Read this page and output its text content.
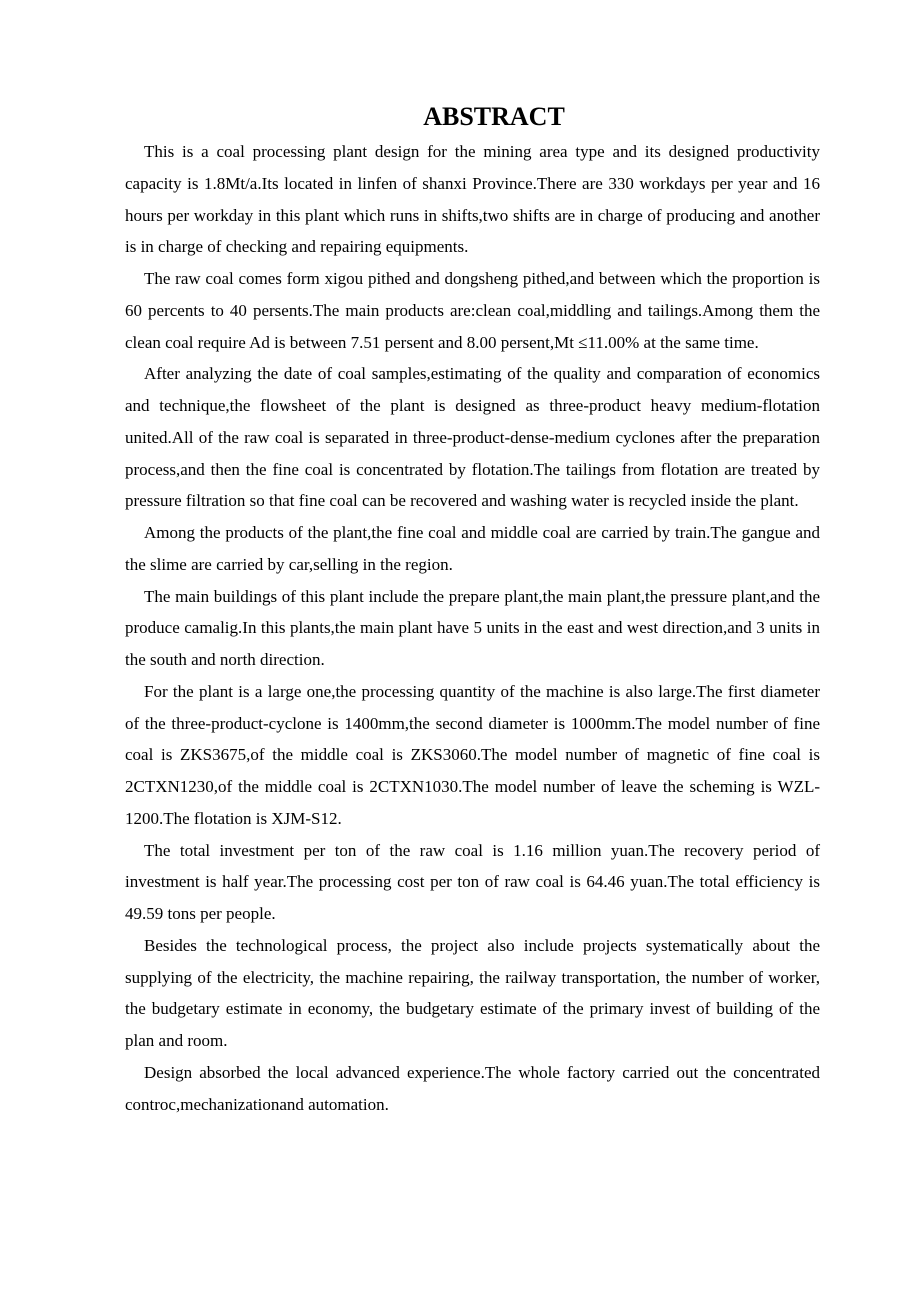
ABSTRACT

This is a coal processing plant design for the mining area type and its designed productivity capacity is 1.8Mt/a.Its located in linfen of shanxi Province.There are 330 workdays per year and 16 hours per workday in this plant which runs in shifts,two shifts are in charge of producing and another is in charge of checking and repairing equipments.

The raw coal comes form xigou pithed and dongsheng pithed,and between which the proportion is 60 percents to 40 persents.The main products are:clean coal,middling and tailings.Among them the clean coal require Ad is between 7.51 persent and 8.00 persent,Mt ≤11.00% at the same time.

After analyzing the date of coal samples,estimating of the quality and comparation of economics and technique,the flowsheet of the plant is designed as three-product heavy medium-flotation united.All of the raw coal is separated in three-product-dense-medium cyclones after the preparation process,and then the fine coal is concentrated by flotation.The tailings from flotation are treated by pressure filtration so that fine coal can be recovered and washing water is recycled inside the plant.

Among the products of the plant,the fine coal and middle coal are carried by train.The gangue and the slime are carried by car,selling in the region.

The main buildings of this plant include the prepare plant,the main plant,the pressure plant,and the produce camalig.In this plants,the main plant have 5 units in the east and west direction,and 3 units in the south and north direction.

For the plant is a large one,the processing quantity of the machine is also large.The first diameter of the three-product-cyclone is 1400mm,the second diameter is 1000mm.The model number of fine coal is ZKS3675,of the middle coal is ZKS3060.The model number of magnetic of fine coal is 2CTXN1230,of the middle coal is 2CTXN1030.The model number of leave the scheming is WZL-1200.The flotation is XJM-S12.

The total investment per ton of the raw coal is 1.16 million yuan.The recovery period of investment is half year.The processing cost per ton of raw coal is 64.46 yuan.The total efficiency is 49.59 tons per people.

Besides the technological process, the project also include projects systematically about the supplying of the electricity, the machine repairing, the railway transportation, the number of worker, the budgetary estimate in economy, the budgetary estimate of the primary invest of building of the plan and room.

Design absorbed the local advanced experience.The whole factory carried out the concentrated controc,mechanizationand automation.
